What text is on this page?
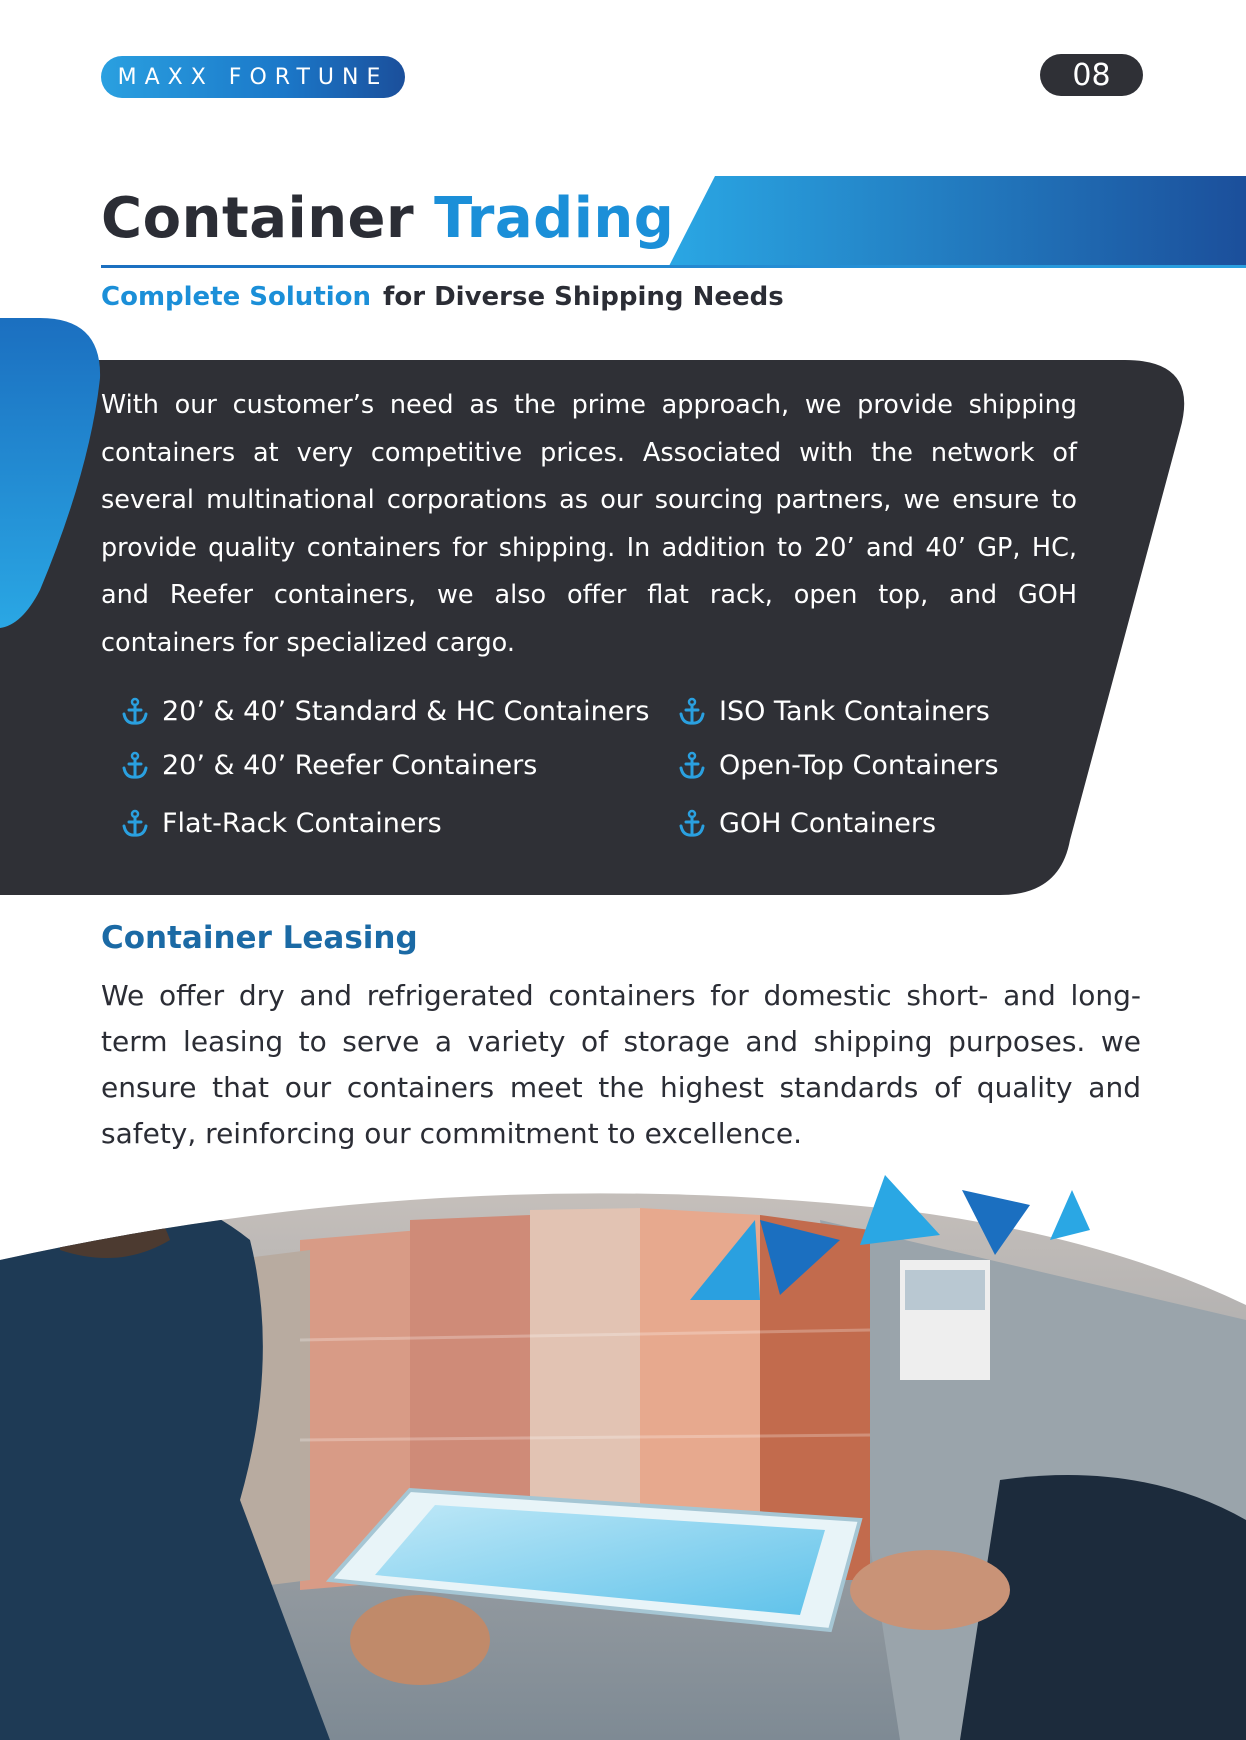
MAXX FORTUNE	08

With our customer’s need as the prime approach, we provide shipping containers at very competitive prices. Associated with the network of several multinational corporations as our sourcing partners, we ensure to provide quality containers for shipping. In addition to 20’ and 40’ GP, HC, and Reefer containers, we also offer flat rack, open top, and GOH containers for specialized cargo.

Container Trading
Complete Solution for Diverse Shipping Needs
20’ & 40’ Standard & HC Containers	ISO Tank Containers
20’ & 40’ Reefer Containers	Open-Top Containers
Flat-Rack Containers	GOH Containers
Container Leasing

We offer dry and refrigerated containers for domestic short- and long-term leasing to serve a variety of storage and shipping purposes. we ensure that our containers meet the highest standards of quality and safety, reinforcing our commitment to excellence.
